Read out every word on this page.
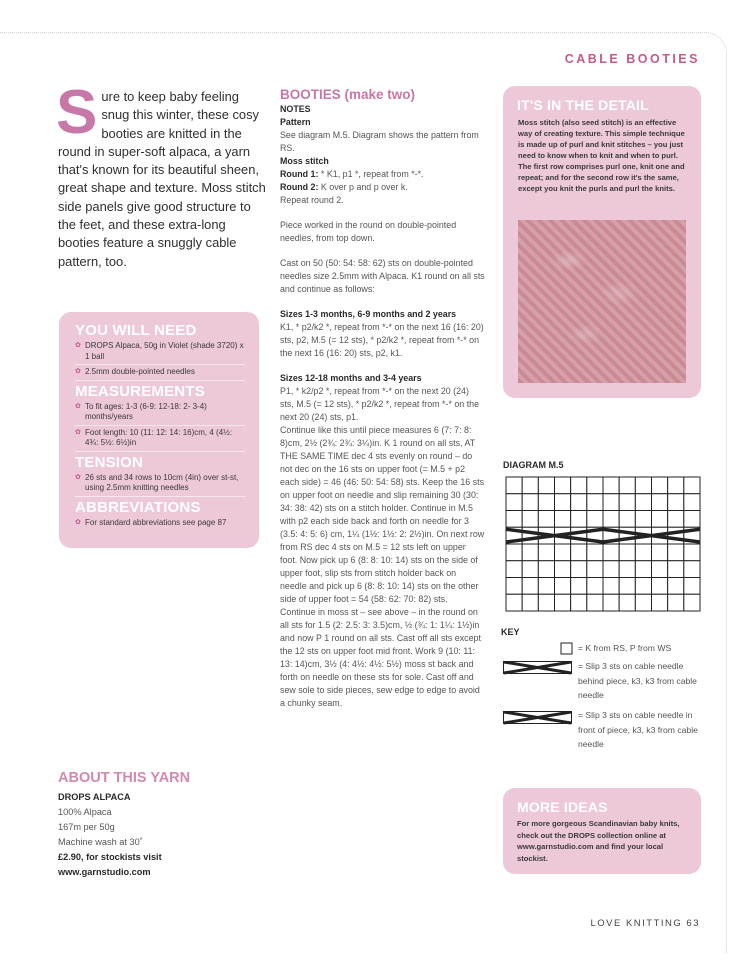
CABLE BOOTIES
S ure to keep baby feeling snug this winter, these cosy booties are knitted in the round in super-soft alpaca, a yarn that's known for its beautiful sheen, great shape and texture. Moss stitch side panels give good structure to the feet, and these extra-long booties feature a snuggly cable pattern, too.
YOU WILL NEED
✿ DROPS Alpaca, 50g in Violet (shade 3720) x 1 ball
✿ 2.5mm double-pointed needles
MEASUREMENTS
✿ To fit ages: 1-3 (6-9: 12-18: 2- 3-4) months/years
✿ Foot length: 10 (11: 12: 14: 16)cm, 4 (4½: 4¾: 5½: 6½)in
TENSION
✿ 26 sts and 34 rows to 10cm (4in) over st-st, using 2.5mm knitting needles
ABBREVIATIONS
✿ For standard abbreviations see page 87
ABOUT THIS YARN
DROPS ALPACA
100% Alpaca
167m per 50g
Machine wash at 30˚
£2.90, for stockists visit
www.garnstudio.com
BOOTIES (make two)

NOTES

Pattern

See diagram M.5. Diagram shows the pattern from RS.

Moss stitch

Round 1: * K1, p1 *, repeat from *-*.

Round 2: K over p and p over k.

Repeat round 2.

Piece worked in the round on double-pointed needles, from top down.

Cast on 50 (50: 54: 58: 62) sts on double-pointed needles size 2.5mm with Alpaca. K1 round on all sts and continue as follows:

Sizes 1-3 months, 6-9 months and 2 years

K1, * p2/k2 *, repeat from *-* on the next 16 (16: 20) sts, p2, M.5 (= 12 sts), * p2/k2 *, repeat from *-* on the next 16 (16: 20) sts, p2, k1.

Sizes 12-18 months and 3-4 years

P1, * k2/p2 *, repeat from *-* on the next 20 (24) sts, M.5 (= 12 sts), * p2/k2 *, repeat from *-* on the next 20 (24) sts, p1.

Continue like this until piece measures 6 (7: 7: 8: 8)cm, 2½ (2¾: 2¾: 3¼)in. K 1 round on all sts, AT THE SAME TIME dec 4 sts evenly on round – do not dec on the 16 sts on upper foot (= M.5 + p2 each side) = 46 (46: 50: 54: 58) sts. Keep the 16 sts on upper foot on needle and slip remaining 30 (30: 34: 38: 42) sts on a stitch holder. Continue in M.5 with p2 each side back and forth on needle for 3 (3.5: 4: 5: 6) cm, 1¼ (1½: 1½: 2: 2½)in. On next row from RS dec 4 sts on M.5 = 12 sts left on upper foot. Now pick up 6 (8: 8: 10: 14) sts on the side of upper foot, slip sts from stitch holder back on needle and pick up 6 (8: 8: 10: 14) sts on the other side of upper foot = 54 (58: 62: 70: 82) sts. Continue in moss st – see above – in the round on all sts for 1.5 (2: 2.5: 3: 3.5)cm, ½ (¾: 1: 1¼: 1½)in and now P 1 round on all sts. Cast off all sts except the 12 sts on upper foot mid front. Work 9 (10: 11: 13: 14)cm, 3½ (4: 4½: 4½: 5½) moss st back and forth on needle on these sts for sole. Cast off and sew sole to side pieces, sew edge to edge to avoid a chunky seam.

IT'S IN THE DETAIL
Moss stitch (also seed stitch) is an effective way of creating texture. This simple technique is made up of purl and knit stitches – you just need to know when to knit and when to purl. The first row comprises purl one, knit one and repeat; and for the second row it's the same, except you knit the purls and purl the knits.
DIAGRAM M.5
KEY
= K from RS, P from WS
= Slip 3 sts on cable needle behind piece, k3, k3 from cable needle
= Slip 3 sts on cable needle in front of piece, k3, k3 from cable needle
MORE IDEAS
For more gorgeous Scandinavian baby knits, check out the DROPS collection online at www.garnstudio.com and find your local stockist.
LOVE KNITTING 63
